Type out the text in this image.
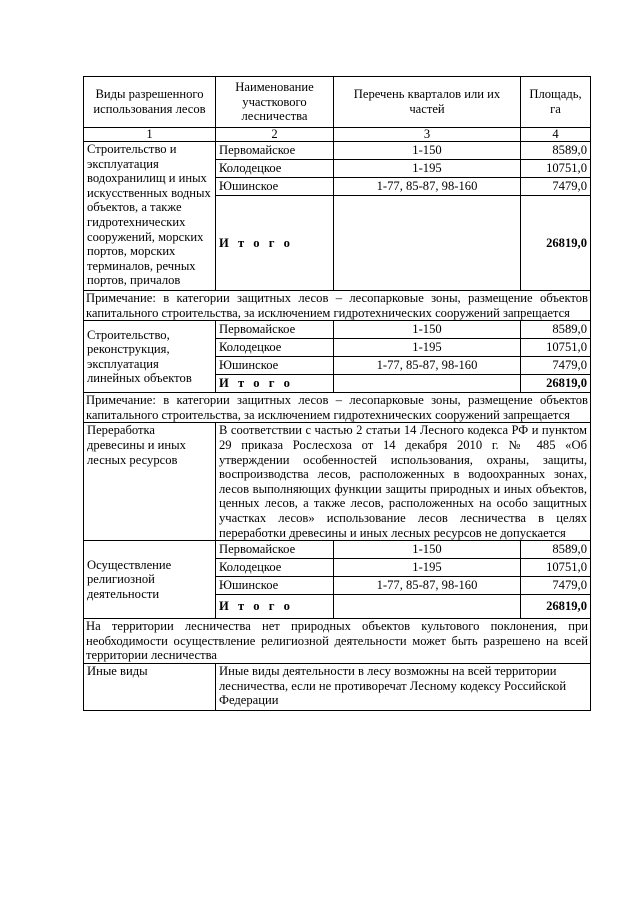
Виды разрешенного использования лесов	Наименование участкового лесничества	Перечень кварталов или их частей	Площадь, га
1	2	3	4
Строительство и эксплуатация водохранилищ и иных искусственных водных объектов, а также гидротехнических сооружений, морских портов, морских терминалов, речных портов, причалов	Первомайское	1-150	8589,0
	Колодецкое	1-195	10751,0
	Юшинское	1-77, 85-87, 98-160	7479,0
	И т о г о		26819,0
Примечание: в категории защитных лесов – лесопарковые зоны, размещение объектов капитального строительства, за исключением гидротехнических сооружений запрещается			
Строительство, реконструкция, эксплуатация линейных объектов	Первомайское	1-150	8589,0
	Колодецкое	1-195	10751,0
	Юшинское	1-77, 85-87, 98-160	7479,0
	И т о г о		26819,0
Примечание: в категории защитных лесов – лесопарковые зоны, размещение объектов капитального строительства, за исключением гидротехнических сооружений запрещается			
Переработка древесины и иных лесных ресурсов	В соответствии с частью 2 статьи 14 Лесного кодекса РФ и пунктом 29 приказа Рослесхоза от 14 декабря 2010 г. № 485 «Об утверждении особенностей использования, охраны, защиты, воспроизводства лесов, расположенных в водоохранных зонах, лесов выполняющих функции защиты природных и иных объектов, ценных лесов, а также лесов, расположенных на особо защитных участках лесов» использование лесов лесничества в целях переработки древесины и иных лесных ресурсов не допускается		
Осуществление религиозной деятельности	Первомайское	1-150	8589,0
	Колодецкое	1-195	10751,0
	Юшинское	1-77, 85-87, 98-160	7479,0
	И т о г о		26819,0
На территории лесничества нет природных объектов культового поклонения, при необходимости осуществление религиозной деятельности может быть разрешено на всей территории лесничества			
Иные виды	Иные виды деятельности в лесу возможны на всей территории лесничества, если не противоречат Лесному кодексу Российской Федерации		
